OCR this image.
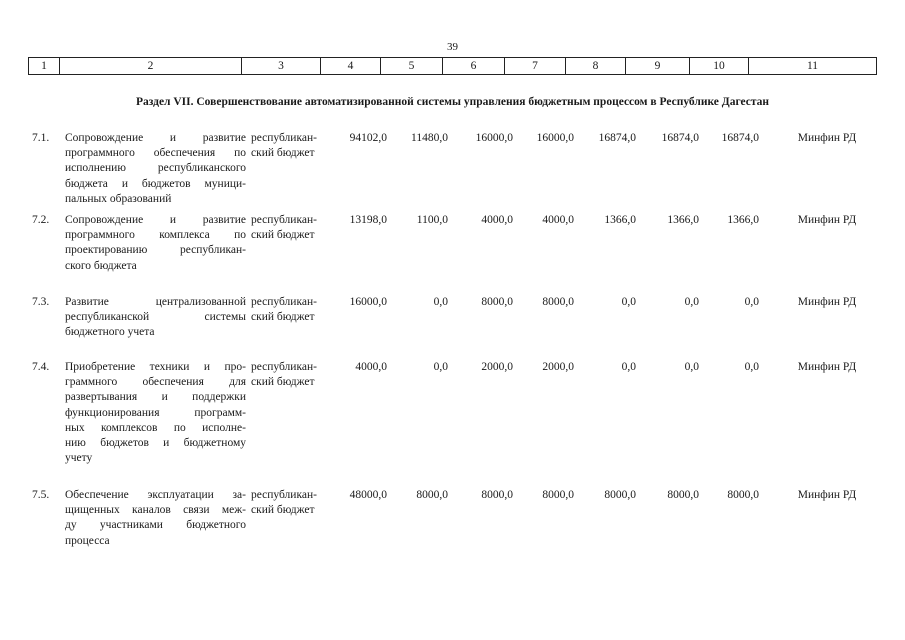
39
1	2	3	4	5	6	7	8	9	10	11
Раздел VII. Совершенствование автоматизированной системы управления бюджетным процессом в Республике Дагестан
7.1.	Сопровождение и развитие
программного обеспечения по
исполнению республиканского
бюджета и бюджетов муници-
пальных образований
республикан-
ский бюджет
94102,0	11480,0	16000,0	16000,0	16874,0	16874,0	16874,0	Минфин РД
7.2.	Сопровождение и развитие
программного комплекса по
проектированию республикан-
ского бюджета
республикан-
ский бюджет
13198,0	1100,0	4000,0	4000,0	1366,0	1366,0	1366,0	Минфин РД
7.3.	Развитие централизованной
республиканской системы
бюджетного учета
республикан-
ский бюджет
16000,0	0,0	8000,0	8000,0	0,0	0,0	0,0	Минфин РД
7.4.	Приобретение техники и про-
граммного обеспечения для
развертывания и поддержки
функционирования программ-
ных комплексов по исполне-
нию бюджетов и бюджетному
учету
республикан-
ский бюджет
4000,0	0,0	2000,0	2000,0	0,0	0,0	0,0	Минфин РД
7.5.	Обеспечение эксплуатации за-
щищенных каналов связи меж-
ду участниками бюджетного
процесса
республикан-
ский бюджет
48000,0	8000,0	8000,0	8000,0	8000,0	8000,0	8000,0	Минфин РД
